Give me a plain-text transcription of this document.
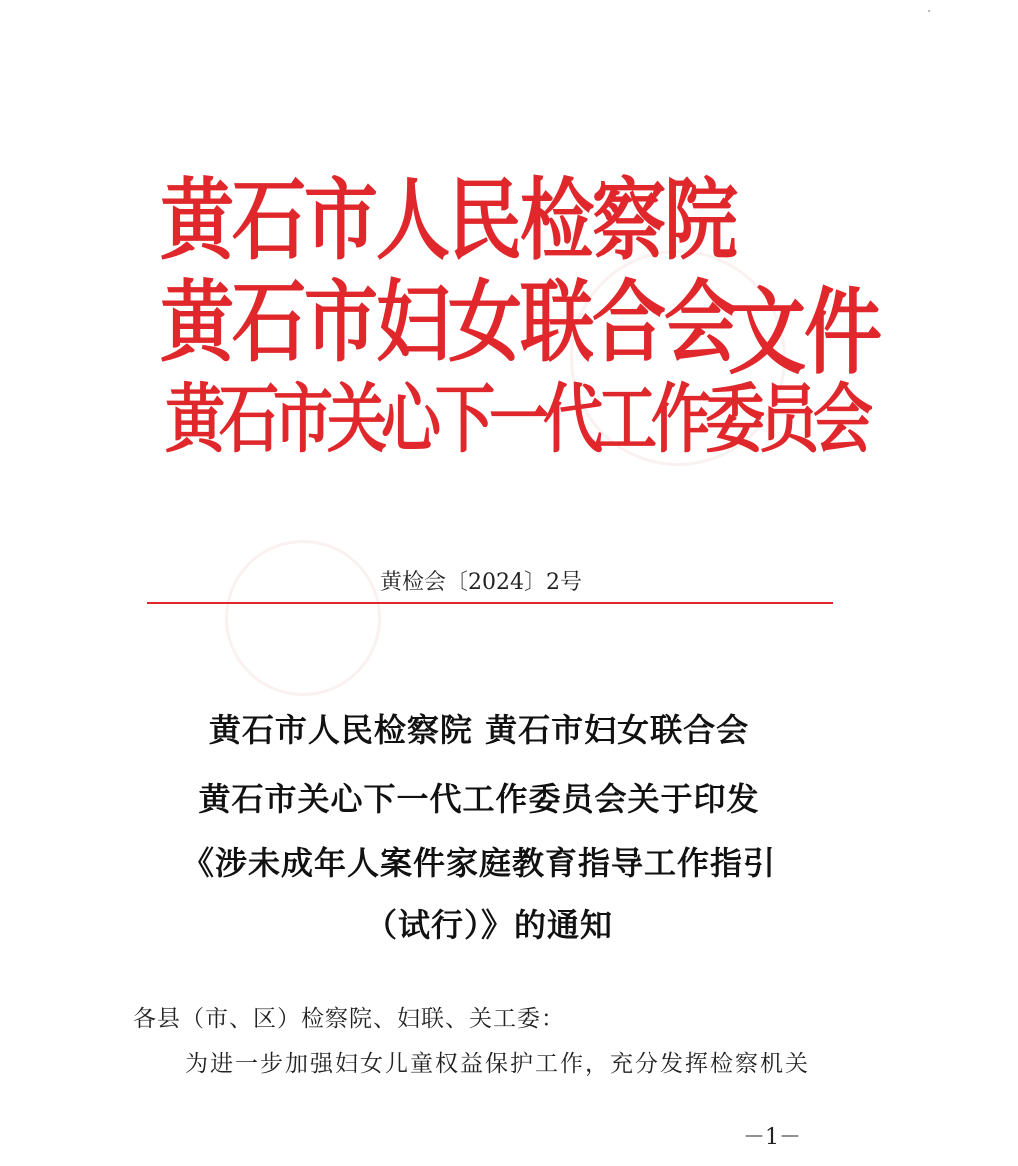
黄石市人民检察院
黄石市妇女联合会
黄石市关心下一代工作委员会
文件
黄检会〔2024〕2号
黄石市人民检察院 黄石市妇女联合会
黄石市关心下一代工作委员会关于印发
《涉未成年人案件家庭教育指导工作指引
（试行）》的通知
各县（市、区）检察院、妇联、关工委：
为进一步加强妇女儿童权益保护工作，充分发挥检察机关
－1－
